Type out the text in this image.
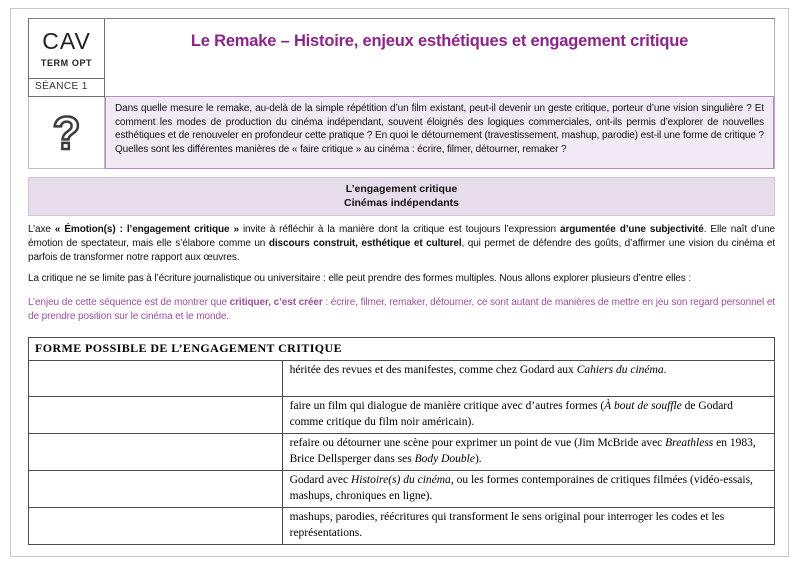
CAV
TERM OPT
SÉANCE 1
?
Le Remake – Histoire, enjeux esthétiques et engagement critique
Dans quelle mesure le remake, au-delà de la simple répétition d’un film existant, peut-il devenir un geste critique, porteur d’une vision singulière ? Et comment les modes de production du cinéma indépendant, souvent éloignés des logiques commerciales, ont-ils permis d’explorer de nouvelles esthétiques et de renouveler en profondeur cette pratique ? En quoi le détournement (travestissement, mashup, parodie) est-il une forme de critique ? Quelles sont les différentes manières de « faire critique » au cinéma : écrire, filmer, détourner, remaker ?
L’engagement critique
Cinémas indépendants

L’axe « Émotion(s) : l’engagement critique » invite à réfléchir à la manière dont la critique est toujours l’expression argumentée d’une subjectivité. Elle naît d’une émotion de spectateur, mais elle s’élabore comme un discours construit, esthétique et culturel, qui permet de défendre des goûts, d’affirmer une vision du cinéma et parfois de transformer notre rapport aux œuvres.

La critique ne se limite pas à l’écriture journalistique ou universitaire : elle peut prendre des formes multiples. Nous allons explorer plusieurs d’entre elles :

L’enjeu de cette séquence est de montrer que critiquer, c’est créer : écrire, filmer, remaker, détourner, ce sont autant de manières de mettre en jeu son regard personnel et de prendre position sur le cinéma et le monde.

FORME POSSIBLE DE L’ENGAGEMENT CRITIQUE	
	héritée des revues et des manifestes, comme chez Godard aux Cahiers du cinéma.
	faire un film qui dialogue de manière critique avec d’autres formes (À bout de souffle de Godard comme critique du film noir américain).
	refaire ou détourner une scène pour exprimer un point de vue (Jim McBride avec Breathless en 1983, Brice Dellsperger dans ses Body Double).
	Godard avec Histoire(s) du cinéma, ou les formes contemporaines de critiques filmées (vidéo-essais, mashups, chroniques en ligne).
	mashups, parodies, réécritures qui transforment le sens original pour interroger les codes et les représentations.
